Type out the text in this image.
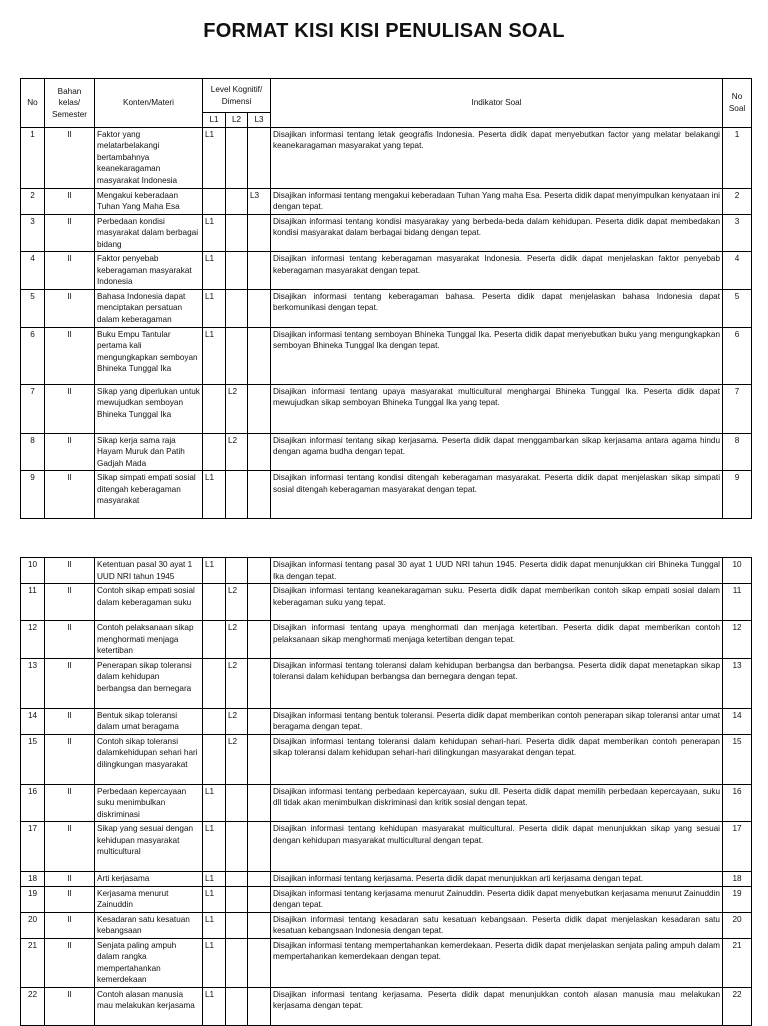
FORMAT KISI KISI PENULISAN SOAL
No	Bahan kelas/ Semester	Konten/Materi	Level Kognitif/ Dimensi			Indikator Soal	No Soal
			L1	L2	L3		
1	II	Faktor yang melatarbelakangi bertambahnya keanekaragaman masyarakat Indonesia	L1			Disajikan informasi tentang letak geografis Indonesia. Peserta didik dapat menyebutkan factor yang melatar belakangi keanekaragaman masyarakat yang tepat.	1
2	II	Mengakui keberadaan Tuhan Yang Maha Esa			L3	Disajikan informasi tentang mengakui keberadaan Tuhan Yang maha Esa. Peserta didik dapat menyimpulkan kenyataan ini dengan tepat.	2
3	II	Perbedaan kondisi masyarakat dalam berbagai bidang	L1			Disajikan informasi tentang kondisi masyarakay yang berbeda-beda dalam kehidupan. Peserta didik dapat membedakan kondisi masyarakat dalam berbagai bidang dengan tepat.	3
4	II	Faktor penyebab keberagaman masyarakat Indonesia	L1			Disajikan informasi tentang keberagaman masyarakat Indonesia. Peserta didik dapat menjelaskan faktor penyebab keberagaman masyarakat dengan tepat.	4
5	II	Bahasa Indonesia dapat menciptakan persatuan dalam keberagaman	L1			Disajikan informasi tentang keberagaman bahasa. Peserta didik dapat menjelaskan bahasa Indonesia dapat berkomunikasi dengan tepat.	5
6	II	Buku Empu Tantular pertama kali mengungkapkan semboyan Bhineka Tunggal Ika	L1			Disajikan informasi tentang semboyan Bhineka Tunggal Ika. Peserta didik dapat menyebutkan buku yang mengungkapkan semboyan Bhineka Tunggal Ika dengan tepat.	6
7	II	Sikap yang diperlukan untuk mewujudkan semboyan Bhineka Tunggal Ika		L2		Disajikan informasi tentang upaya masyarakat multicultural menghargai Bhineka Tunggal Ika. Peserta didik dapat mewujudkan sikap semboyan Bhineka Tunggal Ika yang tepat.	7
8	II	Sikap kerja sama raja Hayam Muruk dan Patih Gadjah Mada		L2		Disajikan informasi tentang sikap kerjasama. Peserta didik dapat menggambarkan sikap kerjasama antara agama hindu dengan agama budha dengan tepat.	8
9	II	Sikap simpati empati sosial ditengah keberagaman masyarakat	L1			Disajikan informasi tentang kondisi ditengah keberagaman masyarakat. Peserta didik dapat menjelaskan sikap simpati sosial ditengah keberagaman masyarakat dengan tepat.	9
10	II	Ketentuan pasal 30 ayat 1 UUD NRI tahun 1945	L1			Disajikan informasi tentang pasal 30 ayat 1 UUD NRI tahun 1945. Peserta didik dapat menunjukkan ciri Bhineka Tunggal Ika dengan tepat.	10
11	II	Contoh sikap empati sosial dalam keberagaman suku		L2		Disajikan informasi tentang keanekaragaman suku. Peserta didik dapat memberikan contoh sikap empati sosial dalam keberagaman suku yang tepat.	11
12	II	Contoh pelaksanaan sikap menghormati menjaga ketertiban		L2		Disajikan informasi tentang upaya menghormati dan menjaga ketertiban. Peserta didik dapat memberikan contoh pelaksanaan sikap menghormati menjaga ketertiban dengan tepat.	12
13	II	Penerapan sikap toleransi dalam kehidupan berbangsa dan bernegara		L2		Disajikan informasi tentang toleransi dalam kehidupan berbangsa dan berbangsa. Peserta didik dapat menetapkan sikap toleransi dalam kehidupan berbangsa dan bernegara dengan tepat.	13
14	II	Bentuk sikap toleransi dalam umat beragama		L2		Disajikan informasi tentang bentuk toleransi. Peserta didik dapat memberikan contoh penerapan sikap toleransi antar umat beragama dengan tepat.	14
15	II	Contoh sikap toleransi dalamkehidupan sehari hari dilingkungan masyarakat		L2		Disajikan informasi tentang toleransi dalam kehidupan sehari-hari. Peserta didik dapat memberikan contoh penerapan sikap toleransi dalam kehidupan sehari-hari dilingkungan masyarakat dengan tepat.	15
16	II	Perbedaan kepercayaan suku menimbulkan diskriminasi	L1			Disajikan informasi tentang perbedaan kepercayaan, suku dll. Peserta didik dapat memilih perbedaan kepercayaan, suku dll tidak akan menimbulkan diskriminasi dan kritik sosial dengan tepat.	16
17	II	Sikap yang sesuai dengan kehidupan masyarakat multicultural	L1			Disajikan informasi tentang kehidupan masyarakat multicultural. Peserta didik dapat menunjukkan sikap yang sesuai dengan kehidupan masyarakat multicultural dengan tepat.	17
18	II	Arti kerjasama	L1			Disajikan informasi tentang kerjasama. Peserta didik dapat menunjukkan arti kerjasama dengan tepat.	18
19	II	Kerjasama menurut Zainuddin	L1			Disajikan informasi tentang kerjasama menurut Zainuddin. Peserta didik dapat menyebutkan kerjasama menurut Zainuddin dengan tepat.	19
20	II	Kesadaran satu kesatuan kebangsaan	L1			Disajikan informasi tentang kesadaran satu kesatuan kebangsaan. Peserta didik dapat menjelaskan kesadaran satu kesatuan kebangsaan Indonesia dengan tepat.	20
21	II	Senjata paling ampuh dalam rangka mempertahankan kemerdekaan	L1			Disajikan informasi tentang mempertahankan kemerdekaan. Peserta didik dapat menjelaskan senjata paling ampuh dalam mempertahankan kemerdekaan dengan tepat.	21
22	II	Contoh alasan manusia mau melakukan kerjasama	L1			Disajikan informasi tentang kerjasama. Peserta didik dapat menunjukkan contoh alasan manusia mau melakukan kerjasama dengan tepat.	22
